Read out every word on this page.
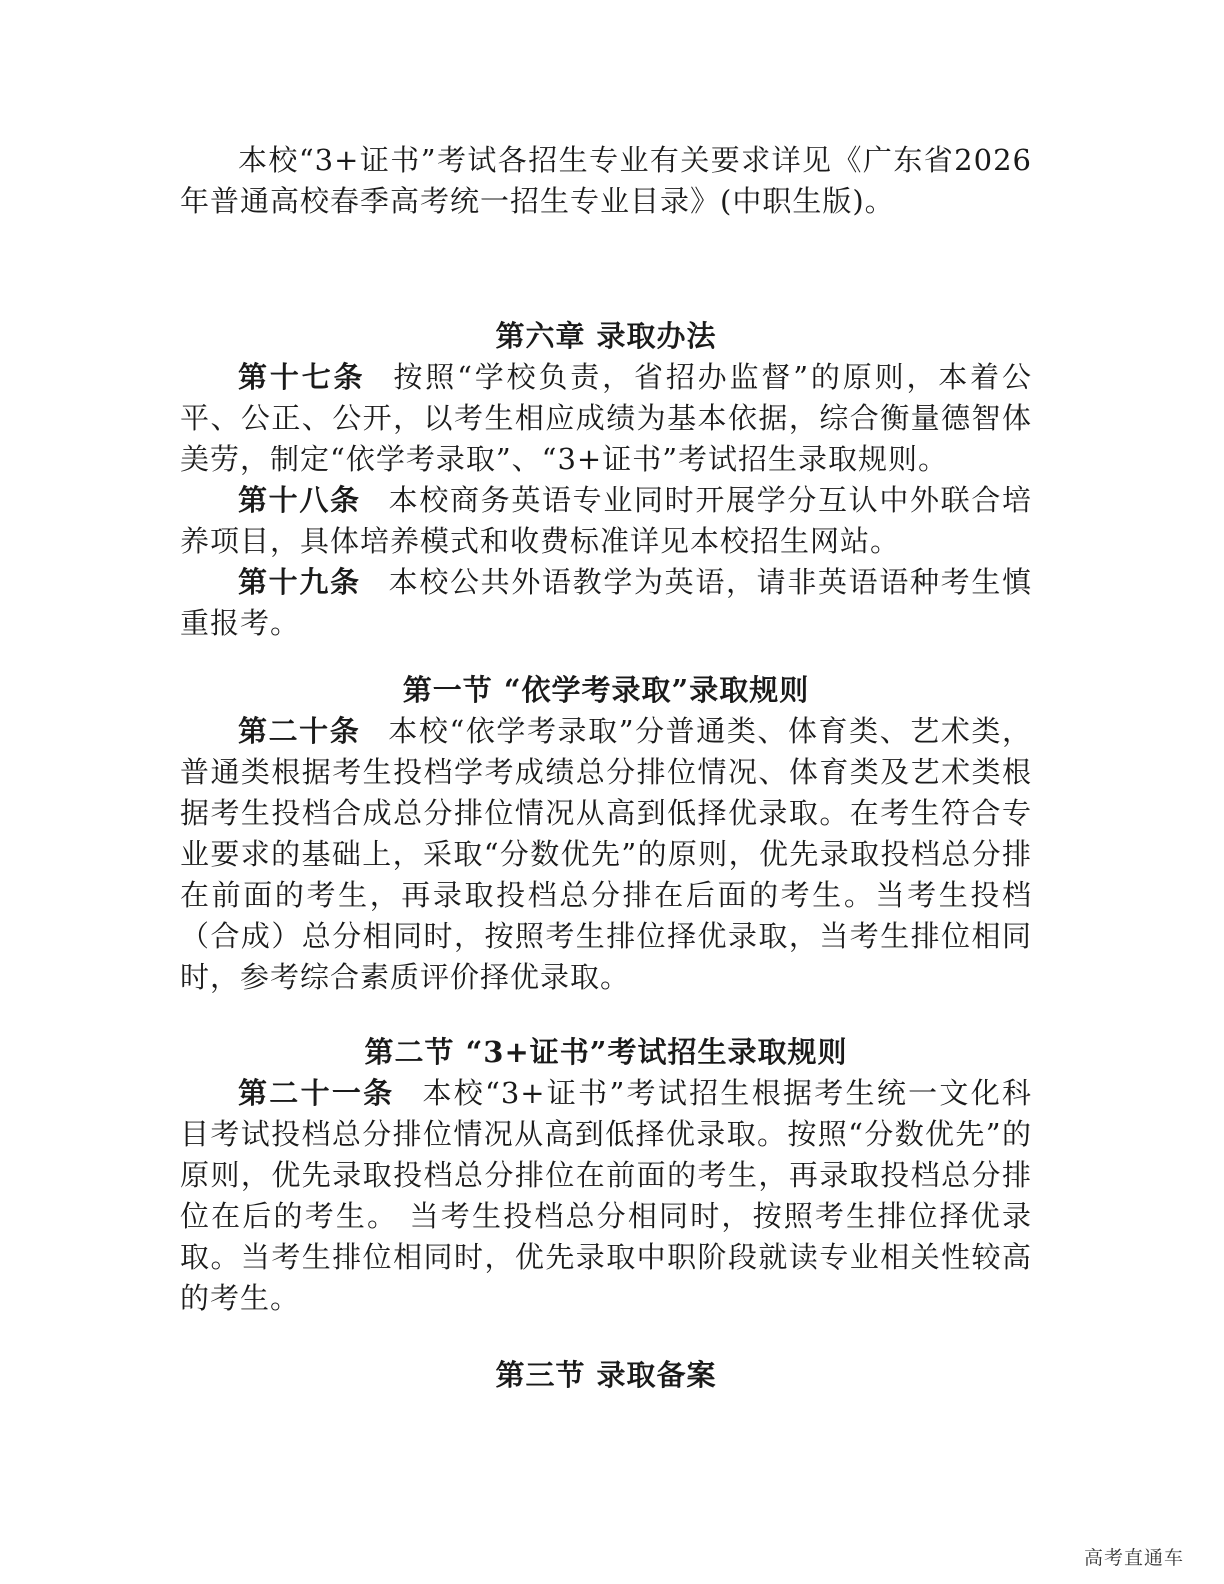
本校“3+证书”考试各招生专业有关要求详见《广东省2026年普通高校春季高考统一招生专业目录》(中职生版)。

第六章 录取办法

第十七条 按照“学校负责，省招办监督”的原则，本着公平、公正、公开，以考生相应成绩为基本依据，综合衡量德智体美劳，制定“依学考录取”、“3+证书”考试招生录取规则。

第十八条 本校商务英语专业同时开展学分互认中外联合培养项目，具体培养模式和收费标准详见本校招生网站。

第十九条 本校公共外语教学为英语，请非英语语种考生慎重报考。

第一节 “依学考录取”录取规则

第二十条 本校“依学考录取”分普通类、体育类、艺术类，普通类根据考生投档学考成绩总分排位情况、体育类及艺术类根据考生投档合成总分排位情况从高到低择优录取。在考生符合专业要求的基础上，采取“分数优先”的原则，优先录取投档总分排在前面的考生，再录取投档总分排在后面的考生。当考生投档（合成）总分相同时，按照考生排位择优录取，当考生排位相同时，参考综合素质评价择优录取。

第二节 “3+证书”考试招生录取规则

第二十一条 本校“3+证书”考试招生根据考生统一文化科目考试投档总分排位情况从高到低择优录取。按照“分数优先”的原则，优先录取投档总分排位在前面的考生，再录取投档总分排位在后的考生。 当考生投档总分相同时，按照考生排位择优录取。当考生排位相同时，优先录取中职阶段就读专业相关性较高的考生。

第三节 录取备案
高考直通车
